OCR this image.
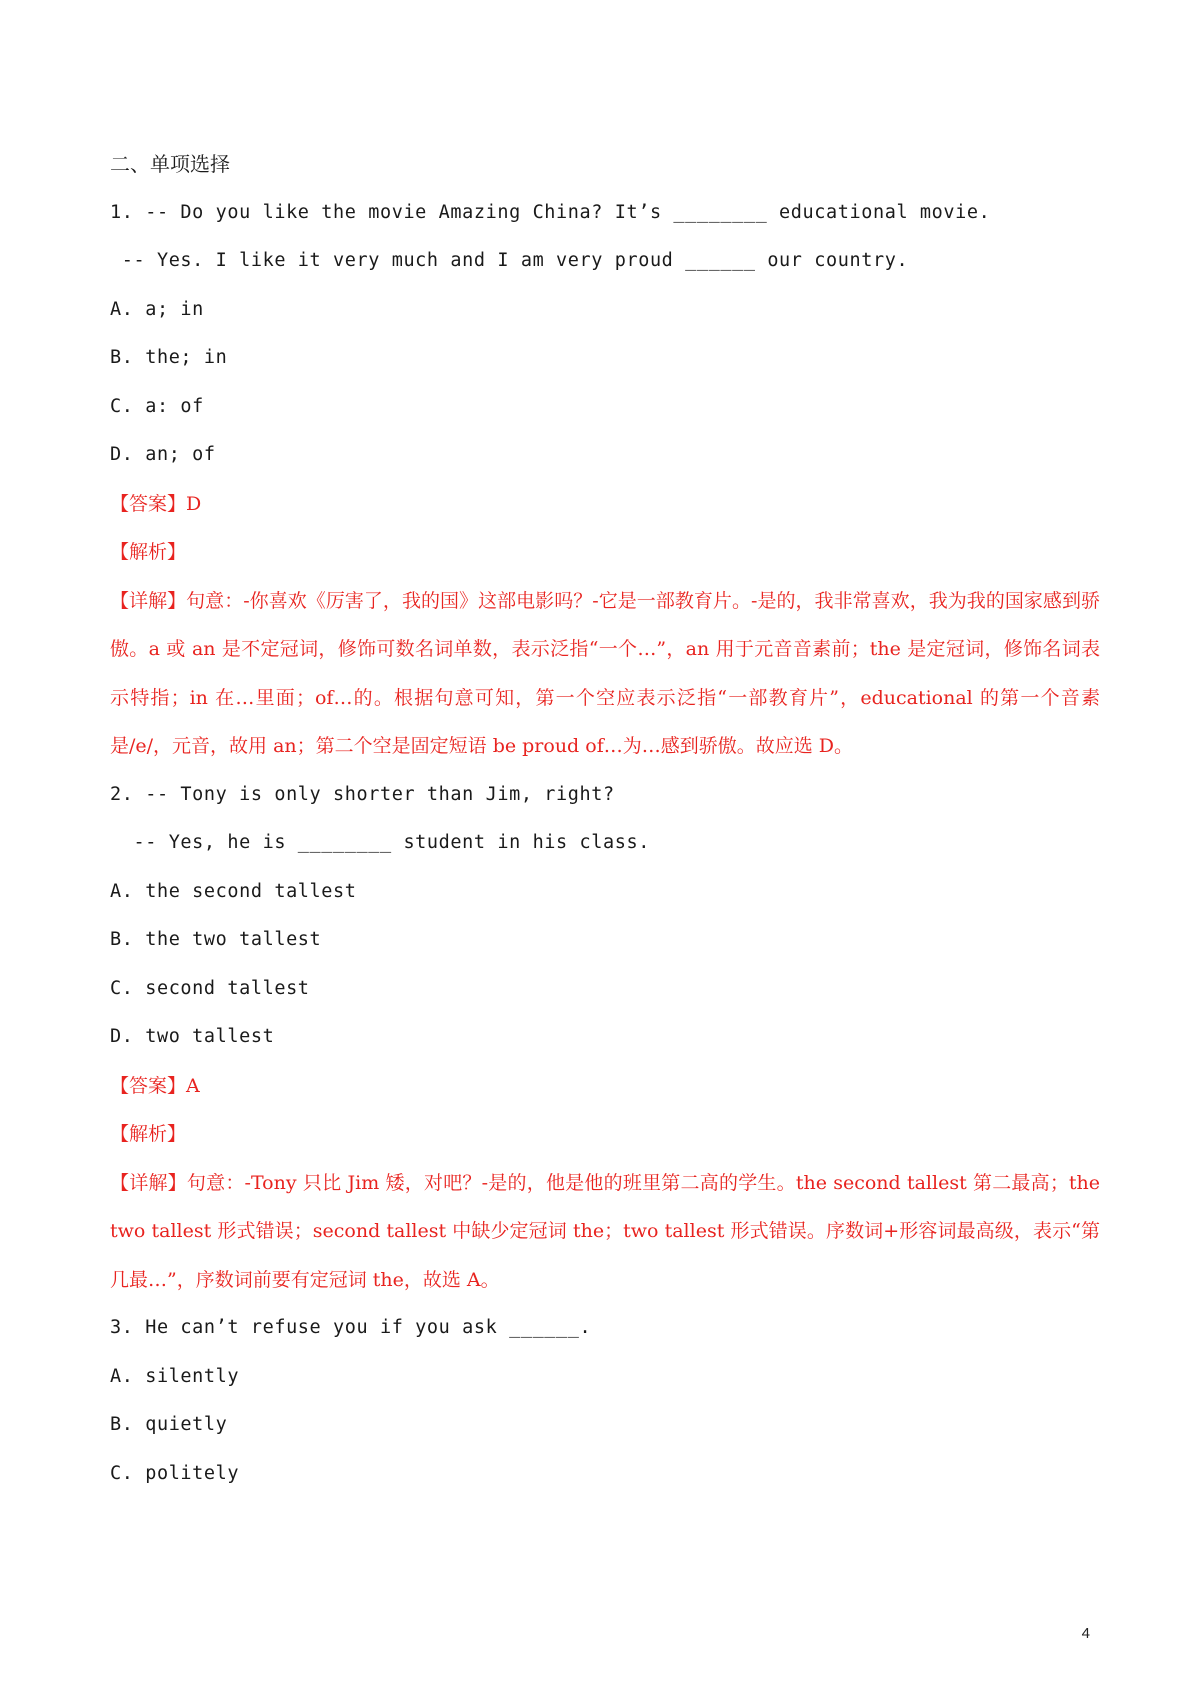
二、单项选择
1. -- Do you like the movie Amazing China? It’s ________ educational movie.
-- Yes. I like it very much and I am very proud ______ our country.
A. a; in
B. the; in
C. a: of
D. an; of
【答案】D
【解析】
【详解】句意：-你喜欢《厉害了，我的国》这部电影吗？-它是一部教育片。-是的，我非常喜欢，我为我的国家感到骄傲。a 或 an 是不定冠词，修饰可数名词单数，表示泛指“一个…”，an 用于元音音素前；the 是定冠词，修饰名词表示特指；in 在…里面；of…的。根据句意可知，第一个空应表示泛指“一部教育片”，educational 的第一个音素是/e/，元音，故用 an；第二个空是固定短语 be proud of…为…感到骄傲。故应选 D。
2. -- Tony is only shorter than Jim, right?
-- Yes, he is ________ student in his class.
A. the second tallest
B. the two tallest
C. second tallest
D. two tallest
【答案】A
【解析】
【详解】句意：-Tony 只比 Jim 矮，对吧？-是的，他是他的班里第二高的学生。the second tallest 第二最高；the two tallest 形式错误；second tallest 中缺少定冠词 the；two tallest 形式错误。序数词+形容词最高级，表示“第几最…”，序数词前要有定冠词 the，故选 A。
3. He can’t refuse you if you ask ______.
A. silently
B. quietly
C. politely
4
